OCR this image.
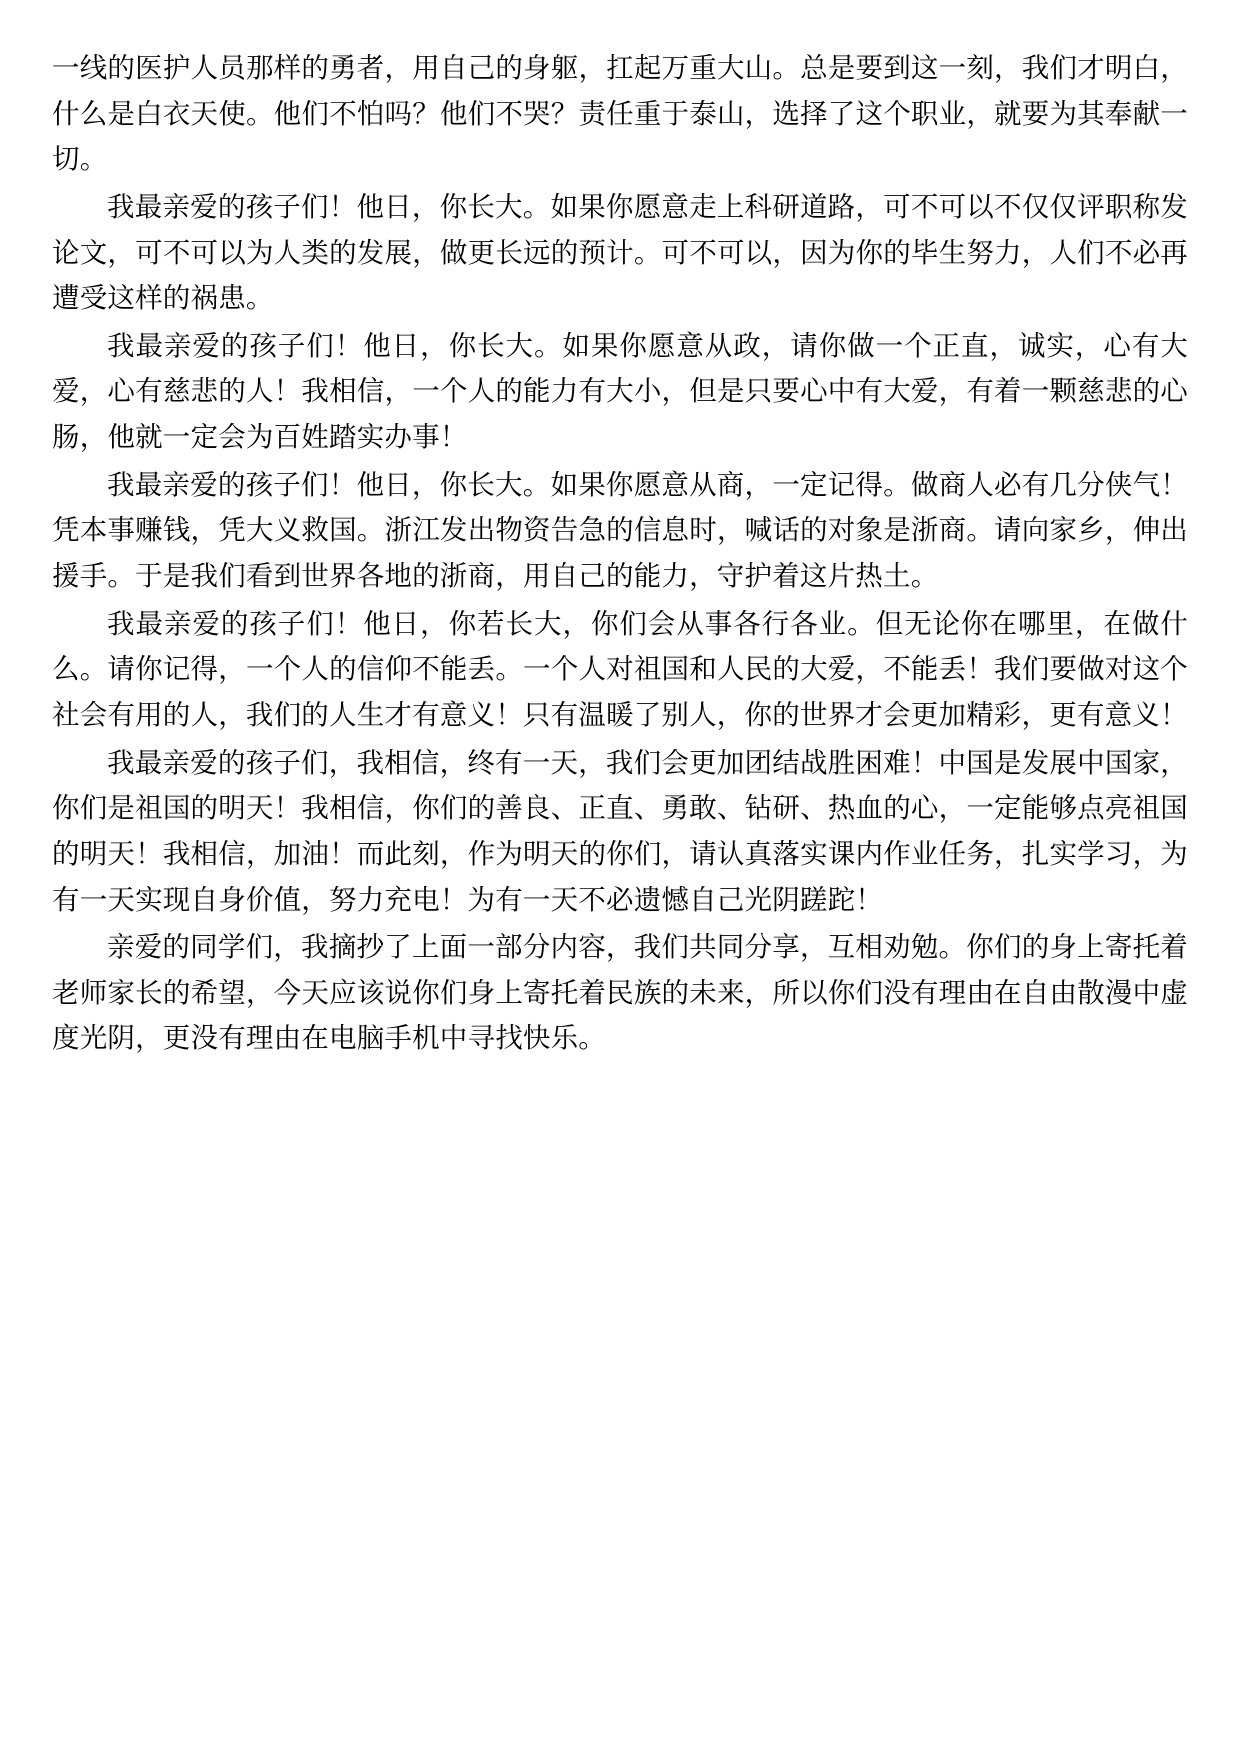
一线的医护人员那样的勇者，用自己的身躯，扛起万重大山。总是要到这一刻，我们才明白，什么是白衣天使。他们不怕吗？他们不哭？责任重于泰山，选择了这个职业，就要为其奉献一切。

我最亲爱的孩子们！他日，你长大。如果你愿意走上科研道路，可不可以不仅仅评职称发论文，可不可以为人类的发展，做更长远的预计。可不可以，因为你的毕生努力，人们不必再遭受这样的祸患。

我最亲爱的孩子们！他日，你长大。如果你愿意从政，请你做一个正直，诚实，心有大爱，心有慈悲的人！我相信，一个人的能力有大小，但是只要心中有大爱，有着一颗慈悲的心肠，他就一定会为百姓踏实办事！

我最亲爱的孩子们！他日，你长大。如果你愿意从商，一定记得。做商人必有几分侠气！凭本事赚钱，凭大义救国。浙江发出物资告急的信息时，喊话的对象是浙商。请向家乡，伸出援手。于是我们看到世界各地的浙商，用自己的能力，守护着这片热土。

我最亲爱的孩子们！他日，你若长大，你们会从事各行各业。但无论你在哪里，在做什么。请你记得，一个人的信仰不能丢。一个人对祖国和人民的大爱，不能丢！我们要做对这个社会有用的人，我们的人生才有意义！只有温暖了别人，你的世界才会更加精彩，更有意义！

我最亲爱的孩子们，我相信，终有一天，我们会更加团结战胜困难！中国是发展中国家，你们是祖国的明天！我相信，你们的善良、正直、勇敢、钻研、热血的心，一定能够点亮祖国的明天！我相信，加油！而此刻，作为明天的你们，请认真落实课内作业任务，扎实学习，为有一天实现自身价值，努力充电！为有一天不必遗憾自己光阴蹉跎！

亲爱的同学们，我摘抄了上面一部分内容，我们共同分享，互相劝勉。你们的身上寄托着老师家长的希望，今天应该说你们身上寄托着民族的未来，所以你们没有理由在自由散漫中虚度光阴，更没有理由在电脑手机中寻找快乐。
